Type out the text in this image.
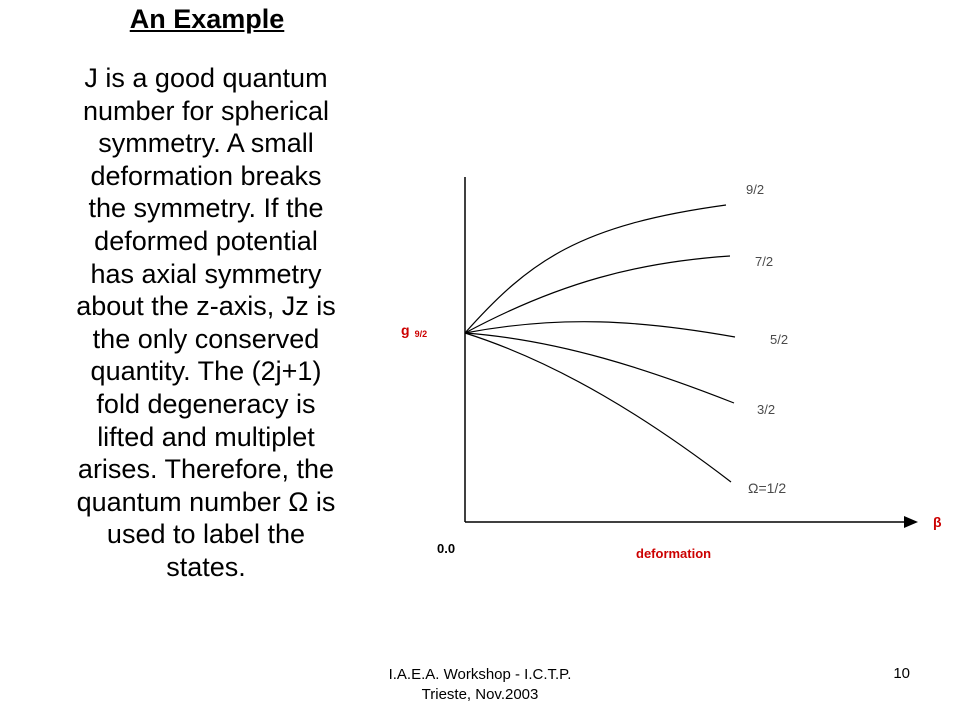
An Example
J is a good quantum
number for spherical
symmetry. A small
deformation breaks
the symmetry. If the
deformed potential
has axial symmetry
about the z-axis, Jz is
the only conserved
quantity. The (2j+1)
fold degeneracy is
lifted and multiplet
arises. Therefore, the
quantum number Ω is
used to label the
states.
9/2
7/2
5/2
3/2
Ω=1/2
g 9/2
0.0	deformation
β
I.A.E.A. Workshop - I.C.T.P.
Trieste, Nov.2003
10
